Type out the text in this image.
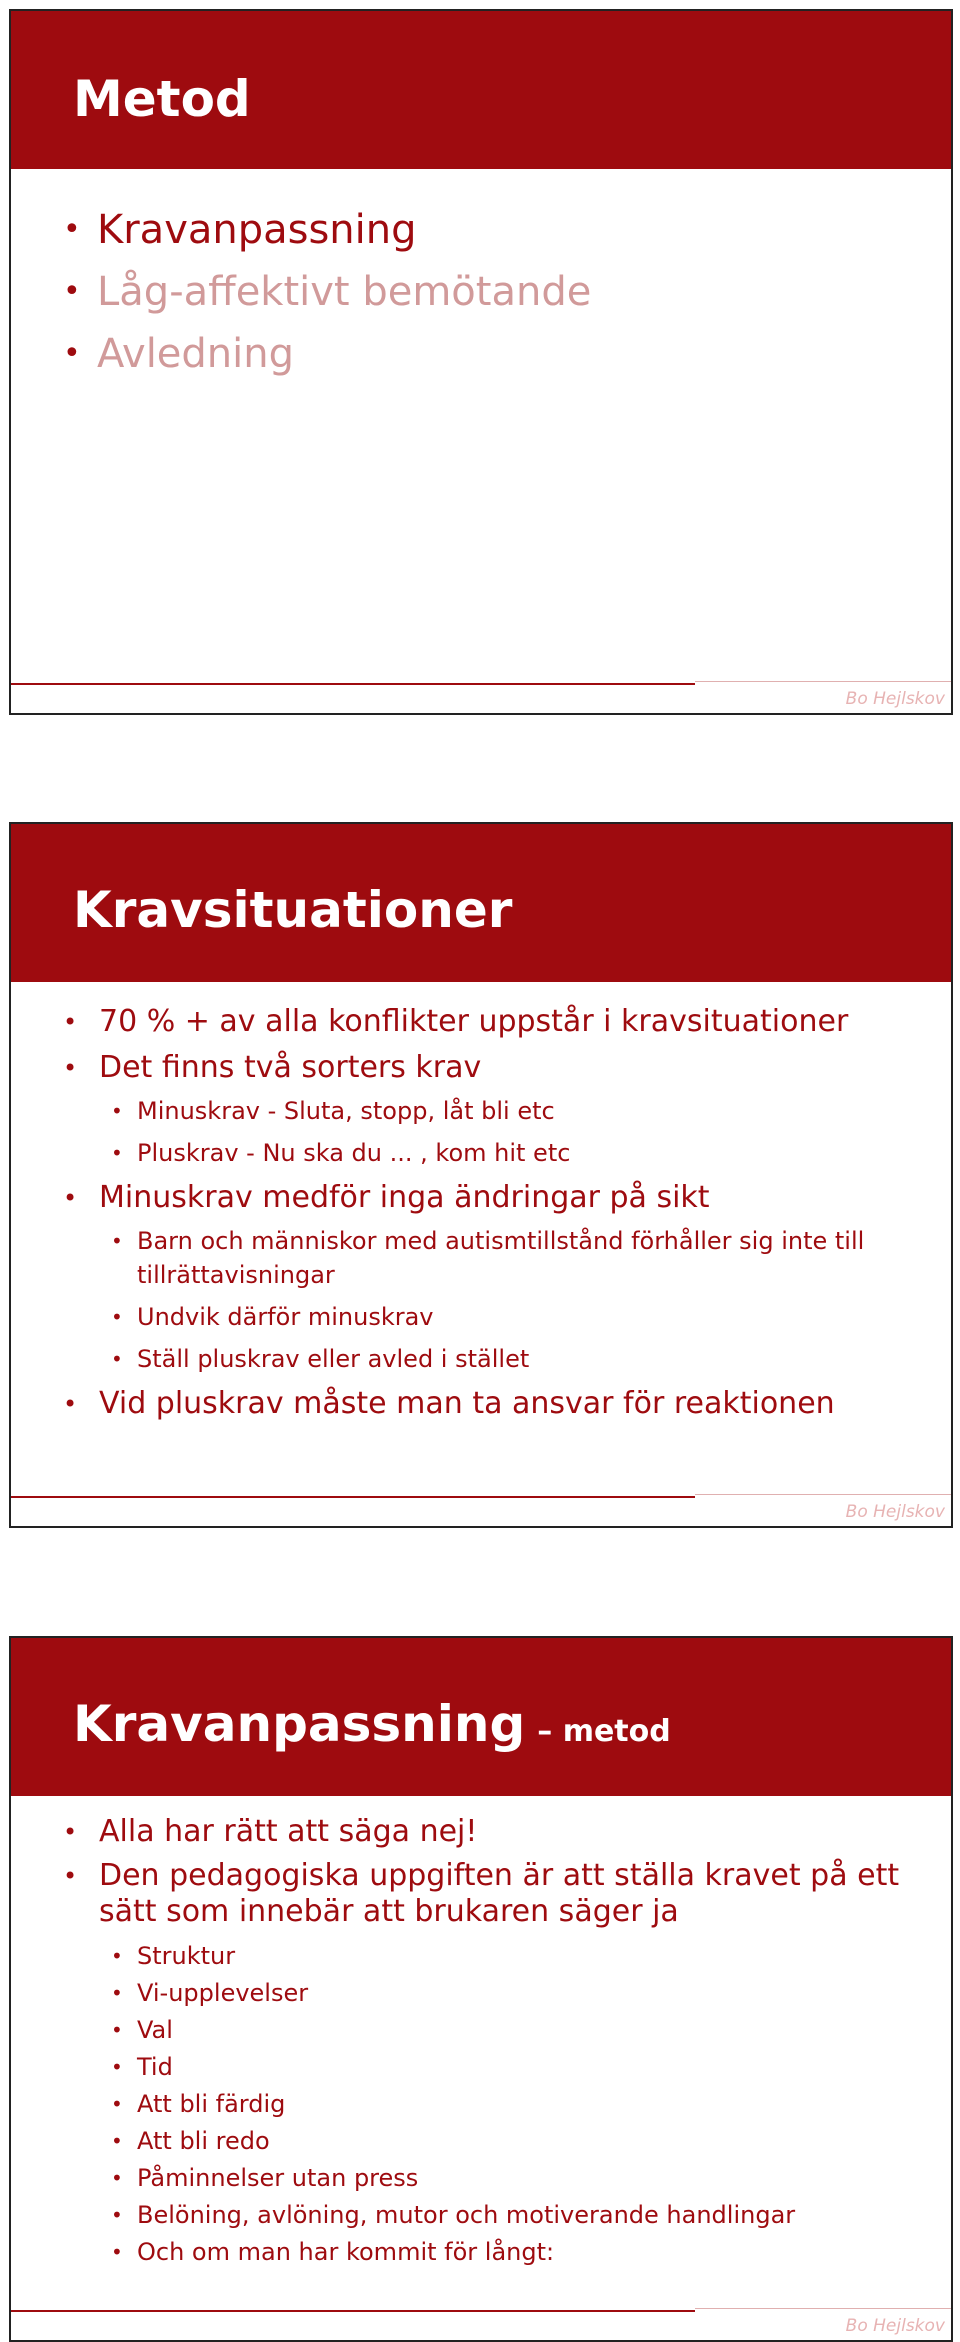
Metod
• Kravanpassning
• Låg-affektivt bemötande
• Avledning
Bo Hejlskov
Kravsituationer
• 70 % + av alla konflikter uppstår i kravsituationer
• Det finns två sorters krav
• Minuskrav - Sluta, stopp, låt bli etc
• Pluskrav - Nu ska du ... , kom hit etc
• Minuskrav medför inga ändringar på sikt
• Barn och människor med autismtillstånd förhåller sig inte till tillrättavisningar
• Undvik därför minuskrav
• Ställ pluskrav eller avled i stället
• Vid pluskrav måste man ta ansvar för reaktionen
Bo Hejlskov
Kravanpassning – metod
• Alla har rätt att säga nej!
• Den pedagogiska uppgiften är att ställa kravet på ett sätt som innebär att brukaren säger ja
• Struktur
• Vi-upplevelser
• Val
• Tid
• Att bli färdig
• Att bli redo
• Påminnelser utan press
• Belöning, avlöning, mutor och motiverande handlingar
• Och om man har kommit för långt:
Bo Hejlskov
